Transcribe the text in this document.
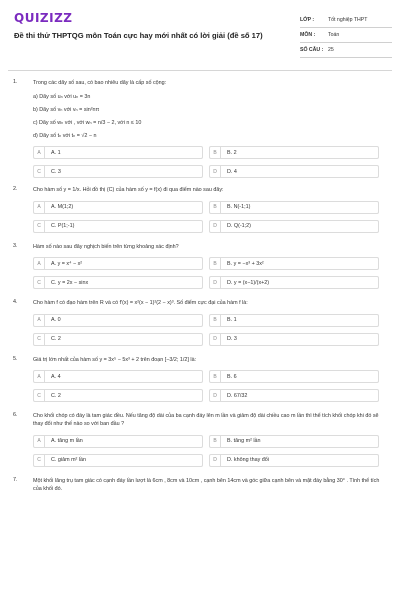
QUIZIZZ
Đề thi thử THPTQG môn Toán cực hay mới nhất có lời giải (đề số 17)
LỚP :	Tốt nghiệp THPT
MÔN :	Toán
SỐ CÂU : 25
1.	Trong các dãy số sau, có bao nhiêu dãy là cấp số cộng:
a) Dãy số uₙ với uₙ = 3n
b) Dãy số vₙ với vₙ = sin²nπ
c) Dãy số wₙ với , với wₙ = n/3 − 2, với n ≤ 10
d) Dãy số tₙ với tₙ = √2 − n
A	A. 1	B	B. 2
C	C. 3	D	D. 4
2.	Cho hàm số y = 1/x. Hỏi đồ thị (C) của hàm số y = f(x) đi qua điểm nào sau đây:
A	A. M(1;2)	B	B. N(-1;1)
C	C. P(1;-1)	D	D. Q(-1;2)
3.	Hàm số nào sau đây nghịch biến trên từng khoảng xác định?
A	A. y = x⁴ − x²	B	B. y = −x³ + 3x²
C	C. y = 2x − sinx	D	D. y = (x−1)/(x+2)
4.	Cho hàm f có đạo hàm trên R và có f'(x) = x²(x − 1)²(2 − x)³. Số điểm cực đại của hàm f là:
A	A. 0	B	B. 1
C	C. 2	D	D. 3
5.	Giá trị lớn nhất của hàm số y = 3x⁵ − 5x³ + 2 trên đoạn [−3/2; 1/2] là:
A	A. 4	B	B. 6
C	C. 2	D	D. 67/32
6.	Cho khối chóp có đáy là tam giác đều. Nếu tăng độ dài của ba cạnh đáy lên m lần và giảm độ dài chiều cao m lần thì thể tích khối chóp khi đó sẽ thay đổi như thế nào so với ban đầu ?
A	A. tăng m lần	B	B. tăng m² lần
C	C. giảm m² lần	D	D. không thay đổi
7.	Một khối lăng trụ tam giác có cạnh đáy lần lượt là 6cm , 8cm và 10cm , cạnh bên 14cm và góc giữa cạnh bên và mặt đáy bằng 30° . Tính thể tích của khối đó.
